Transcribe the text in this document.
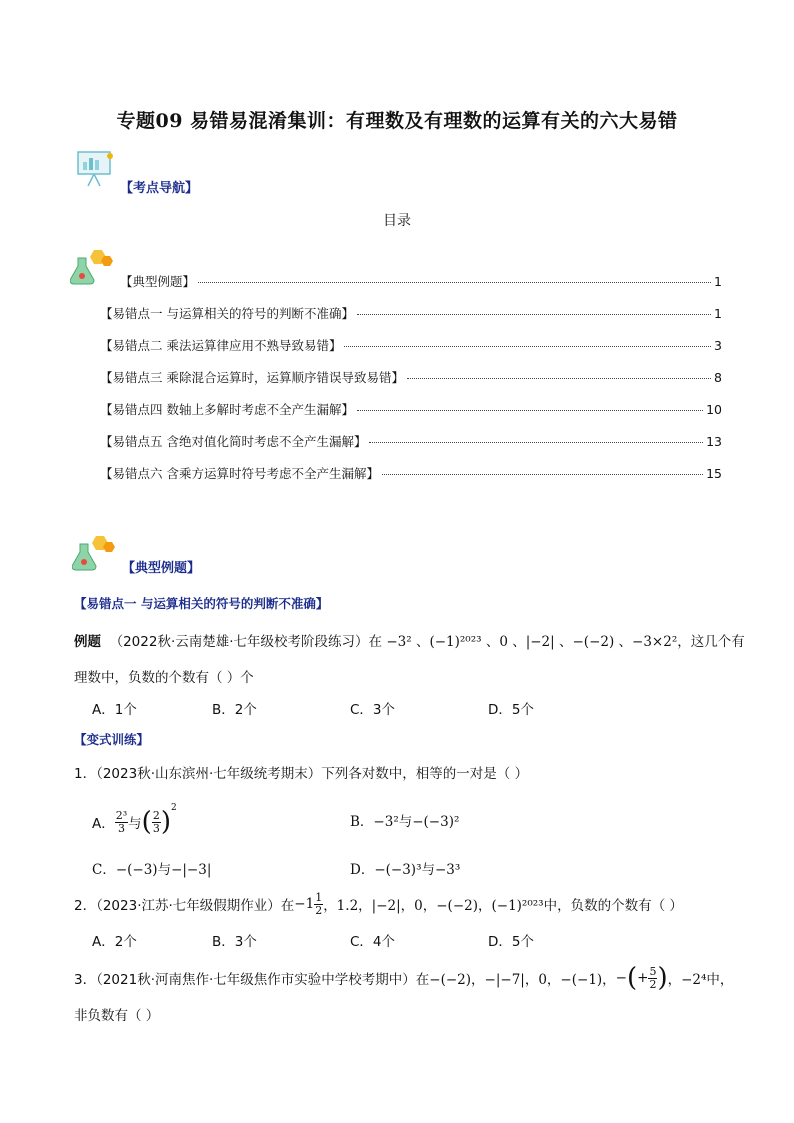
专题09 易错易混淆集训：有理数及有理数的运算有关的六大易错
【考点导航】
目录
【典型例题】	1
【易错点一 与运算相关的符号的判断不准确】	1
【易错点二 乘法运算律应用不熟导致易错】	3
【易错点三 乘除混合运算时，运算顺序错误导致易错】	8
【易错点四 数轴上多解时考虑不全产生漏解】	10
【易错点五 含绝对值化简时考虑不全产生漏解】	13
【易错点六 含乘方运算时符号考虑不全产生漏解】	15
【典型例题】
【易错点一 与运算相关的符号的判断不准确】
例题 （2022秋·云南楚雄·七年级校考阶段练习）在 −3² 、(−1)²⁰²³ 、0 、|−2| 、−(−2) 、−3×2²，这几个有
理数中，负数的个数有（ ）个
A．1个	B．2个	C．3个	D．5个
【变式训练】
1．（2023秋·山东滨州·七年级统考期末）下列各对数中，相等的一对是（ ）
A． $\frac{\text{2³}}{3}$ 与 ( $\frac{2}{3}$ ) 2
B．−3²与−(−3)²
C．−(−3)与−|−3|	D．−(−3)³与−3³
2．（2023·江苏·七年级假期作业）在 $-1 \frac{1}{2}$ ，1.2，|−2|，0，−(−2)，(−1)²⁰²³ 中，负数的个数有（ ）
A．2个	B．3个	C．4个	D．5个
3．（2021秋·河南焦作·七年级焦作市实验中学校考期中）在 −(−2)，−|−7|，0，−(−1)， − ( + $\frac{5}{2}$ ) ，−2⁴中，
非负数有（ ）
